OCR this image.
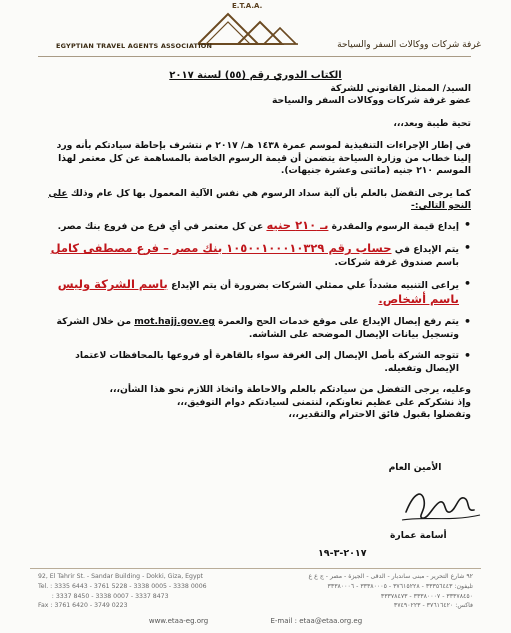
E.T.A.A.
EGYPTIAN TRAVEL AGENTS ASSOCIATION	غرفة شركات ووكالات السفر والسياحة

الكتاب الدوري رقم (٥٥) لسنة ٢٠١٧

السيد/ الممثل القانوني للشركة

عضو غرفة شركات ووكالات السفر والسياحة

تحية طيبة وبعد،،،

في إطار الإجراءات التنفيذية لموسم عمرة ١٤٣٨ هـ/ ٢٠١٧ م نتشرف بإحاطة سيادتكم بأنه ورد إلينا خطاب من وزارة السياحة يتضمن أن قيمة الرسوم الخاصة بالمساهمة عن كل معتمر لهذا الموسم ٢١٠ جنيه (مائتى وعشرة جنيهات).

كما يرجى التفضل بالعلم بأن آلية سداد الرسوم هي نفس الآلية المعمول بها كل عام وذلك على النحو التالي:-

• إيداع قيمة الرسوم والمقدرة بـ ٢١٠ جنيه عن كل معتمر في أي فرع من فروع بنك مصر.
• يتم الإيداع في حساب رقم ١٠٥٠٠١٠٠٠١٠٣٢٩ بنك مصر – فرع مصطفى كامل باسم صندوق غرفة شركات.
• يراعى التنبيه مشدداً علي ممثلي الشركات بضرورة أن يتم الإيداع باسم الشركة وليس باسم أشخاص.
• يتم رفع إيصال الإيداع على موقع خدمات الحج والعمرة mot.hajj.gov.eg من خلال الشركة وتسجيل بيانات الإيصال الموضحه على الشاشه.
• تتوجه الشركة بأصل الإيصال إلى الغرفة سواء بالقاهرة أو فروعها بالمحافظات لاعتماد الإيصال وتفعيله.

وعليه، يرجى التفضل من سيادتكم بالعلم والاحاطة واتخاذ اللازم نحو هذا الشأن،،،

وإذ نشكركم على عظيم تعاونكم، لنتمنى لسيادتكم دوام التوفيق،،،

وتفضلوا بقبول فائق الاحترام والتقدير،،،

الأمين العام
أسامة عمارة
٢٠١٧-٣-١٩
92, El Tahrir St. - Sandar Building - Dokki, Giza, Egypt
Tel. : 3335 6443 - 3761 5228 - 3338 0005 - 3338 0006
: 3337 8450 - 3338 0007 - 3337 8473
Fax : 3761 6420 - 3749 0223
٩٢ شارع التحرير - مبنى ساندبار - الدقى - الجيزة - مصر - ج ع ع
تليفون: ٣٣٣٥٦٤٤٣ - ٣٧٦١٥٢٢٨ - ٣٣٣٨٠٠٠٥ - ٣٣٣٨٠٠٠٦
٣٣٣٧٨٤٥٠ - ٣٣٣٨٠٠٠٧ - ٣٣٣٧٨٤٧٣
فاكس: ٣٧٦١٦٤٢٠ - ٣٧٤٩٠٢٢٣
www.etaa-eg.org	E-mail : etaa@etaa.org.eg
